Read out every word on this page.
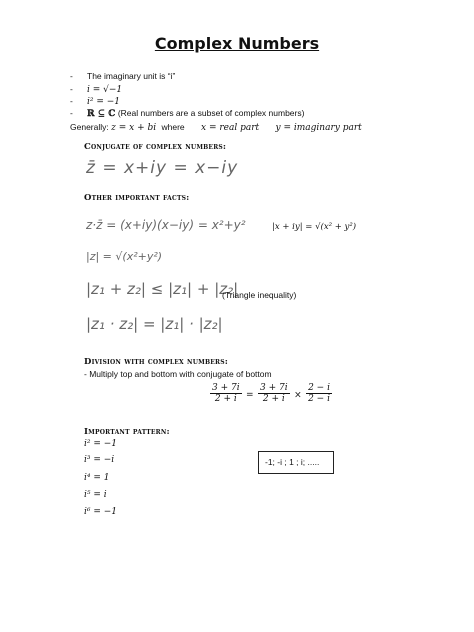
Complex Numbers
- The imaginary unit is “i”
- i = √−1
- i² = −1
- ℝ ⊆ ℂ (Real numbers are a subset of complex numbers)
Generally: z = x + bi where x = real part y = imaginary part
Conjugate of complex numbers:
z̄ = x+iy = x−iy
Other important facts:
z·z̄ = (x+iy)(x−iy) = x²+y²	|x + iy| = √(x² + y²)
|z| = √(x²+y²)
|z₁ + z₂| ≤ |z₁| + |z₂|
(Triangle inequality)
|z₁ · z₂| = |z₁| · |z₂|
Division with complex numbers:
- Multiply top and bottom with conjugate of bottom
$\frac{3 + 7i}{2 + i} = \frac{3 + 7i}{2 + i} \times \frac{2 - i}{2 - i}$
Important pattern:
i² = −1
i³ = −i
i⁴ = 1
i⁵ = i
i⁶ = −1
-1; -i ; 1 ; i; .....
